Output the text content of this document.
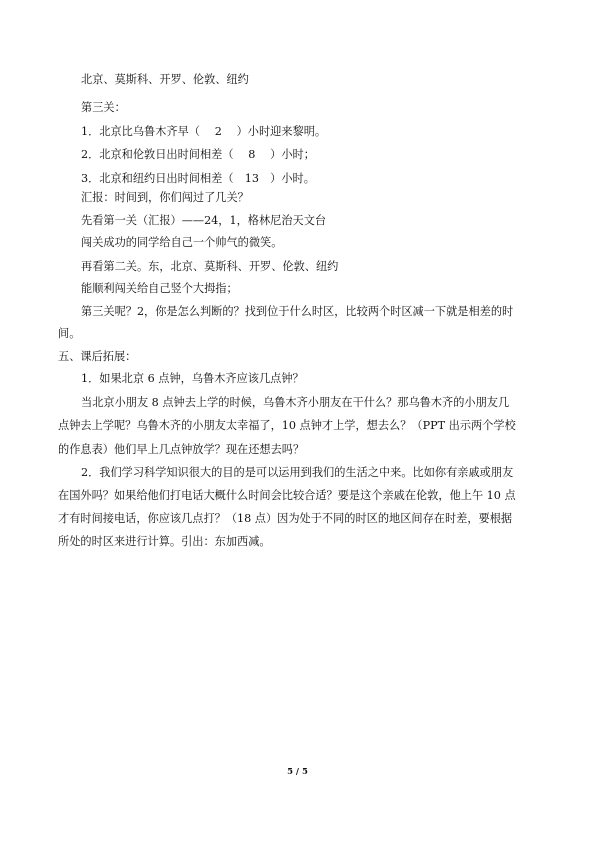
北京、莫斯科、开罗、伦敦、纽约
第三关：
1．北京比乌鲁木齐早（　 2 　）小时迎来黎明。
2．北京和伦敦日出时间相差（　 8 　）小时；
3．北京和纽约日出时间相差（　13　）小时。
汇报：时间到，你们闯过了几关？
先看第一关（汇报）——24，1，格林尼治天文台
闯关成功的同学给自己一个帅气的微笑。
再看第二关。东，北京、莫斯科、开罗、伦敦、纽约
能顺利闯关给自己竖个大拇指；
第三关呢？2，你是怎么判断的？找到位于什么时区，比较两个时区减一下就是相差的时
间。
五、课后拓展：
1．如果北京 6 点钟，乌鲁木齐应该几点钟？
当北京小朋友 8 点钟去上学的时候，乌鲁木齐小朋友在干什么？那乌鲁木齐的小朋友几
点钟去上学呢？乌鲁木齐的小朋友太幸福了，10 点钟才上学，想去么？（PPT 出示两个学校
的作息表）他们早上几点钟放学？现在还想去吗？
2．我们学习科学知识很大的目的是可以运用到我们的生活之中来。比如你有亲戚或朋友
在国外吗？如果给他们打电话大概什么时间会比较合适？要是这个亲戚在伦敦，他上午 10 点
才有时间接电话，你应该几点打？（18 点）因为处于不同的时区的地区间存在时差，要根据
所处的时区来进行计算。引出：东加西减。
5 / 5
